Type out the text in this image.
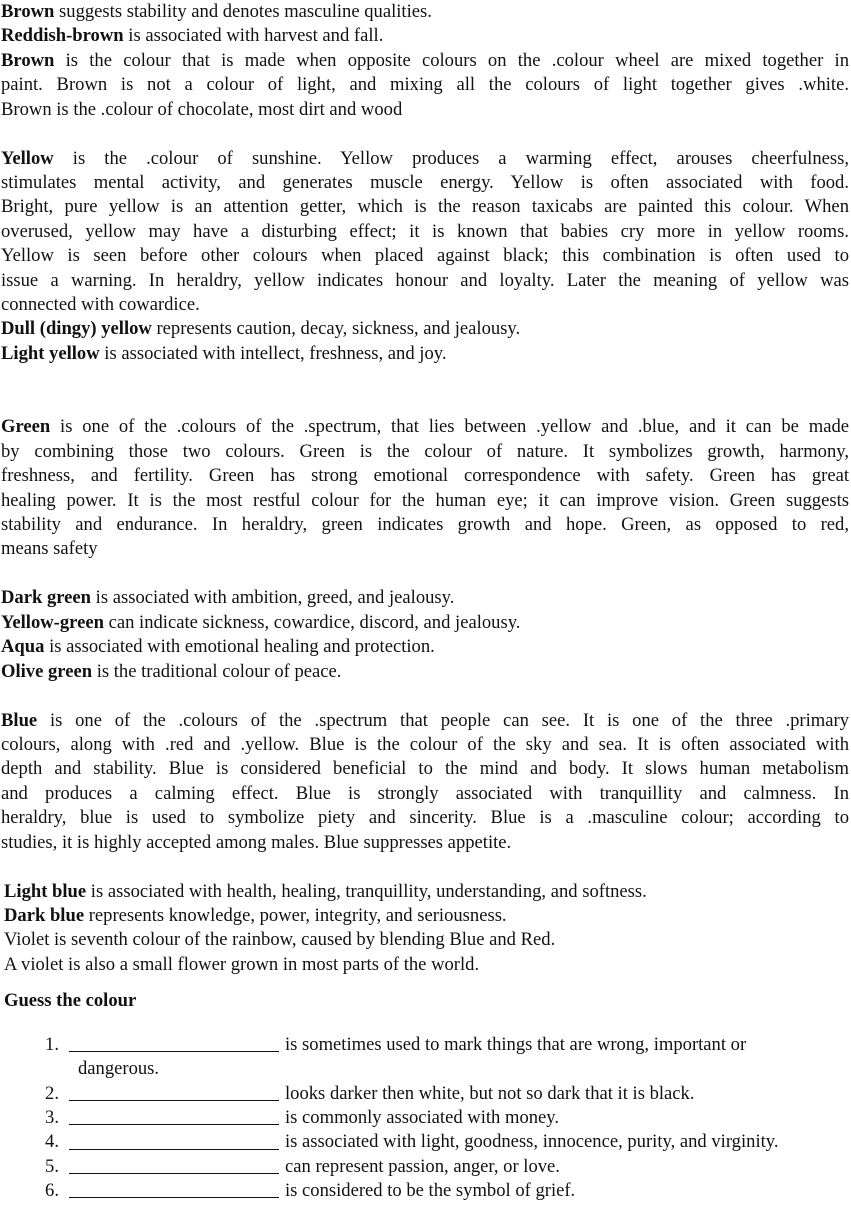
Brown suggests stability and denotes masculine qualities.
Reddish-brown is associated with harvest and fall.
Brown is the colour that is made when opposite colours on the .colour wheel are mixed together in
paint. Brown is not a colour of light, and mixing all the colours of light together gives .white.
Brown is the .colour of chocolate, most dirt and wood
Yellow is the .colour of sunshine. Yellow produces a warming effect, arouses cheerfulness,
stimulates mental activity, and generates muscle energy. Yellow is often associated with food.
Bright, pure yellow is an attention getter, which is the reason taxicabs are painted this colour. When
overused, yellow may have a disturbing effect; it is known that babies cry more in yellow rooms.
Yellow is seen before other colours when placed against black; this combination is often used to
issue a warning. In heraldry, yellow indicates honour and loyalty. Later the meaning of yellow was
connected with cowardice.
Dull (dingy) yellow represents caution, decay, sickness, and jealousy.
Light yellow is associated with intellect, freshness, and joy.
Green is one of the .colours of the .spectrum, that lies between .yellow and .blue, and it can be made
by combining those two colours. Green is the colour of nature. It symbolizes growth, harmony,
freshness, and fertility. Green has strong emotional correspondence with safety. Green has great
healing power. It is the most restful colour for the human eye; it can improve vision. Green suggests
stability and endurance. In heraldry, green indicates growth and hope. Green, as opposed to red,
means safety
Dark green is associated with ambition, greed, and jealousy.
Yellow-green can indicate sickness, cowardice, discord, and jealousy.
Aqua is associated with emotional healing and protection.
Olive green is the traditional colour of peace.
Blue is one of the .colours of the .spectrum that people can see. It is one of the three .primary
colours, along with .red and .yellow. Blue is the colour of the sky and sea. It is often associated with
depth and stability. Blue is considered beneficial to the mind and body. It slows human metabolism
and produces a calming effect. Blue is strongly associated with tranquillity and calmness. In
heraldry, blue is used to symbolize piety and sincerity. Blue is a .masculine colour; according to
studies, it is highly accepted among males. Blue suppresses appetite.
Light blue is associated with health, healing, tranquillity, understanding, and softness.
Dark blue represents knowledge, power, integrity, and seriousness.
Violet is seventh colour of the rainbow, caused by blending Blue and Red.
A violet is also a small flower grown in most parts of the world.
Guess the colour
1.	is sometimes used to mark things that are wrong, important or
dangerous.
2.	looks darker then white, but not so dark that it is black.
3.	is commonly associated with money.
4.	is associated with light, goodness, innocence, purity, and virginity.
5.	can represent passion, anger, or love.
6.	is considered to be the symbol of grief.
